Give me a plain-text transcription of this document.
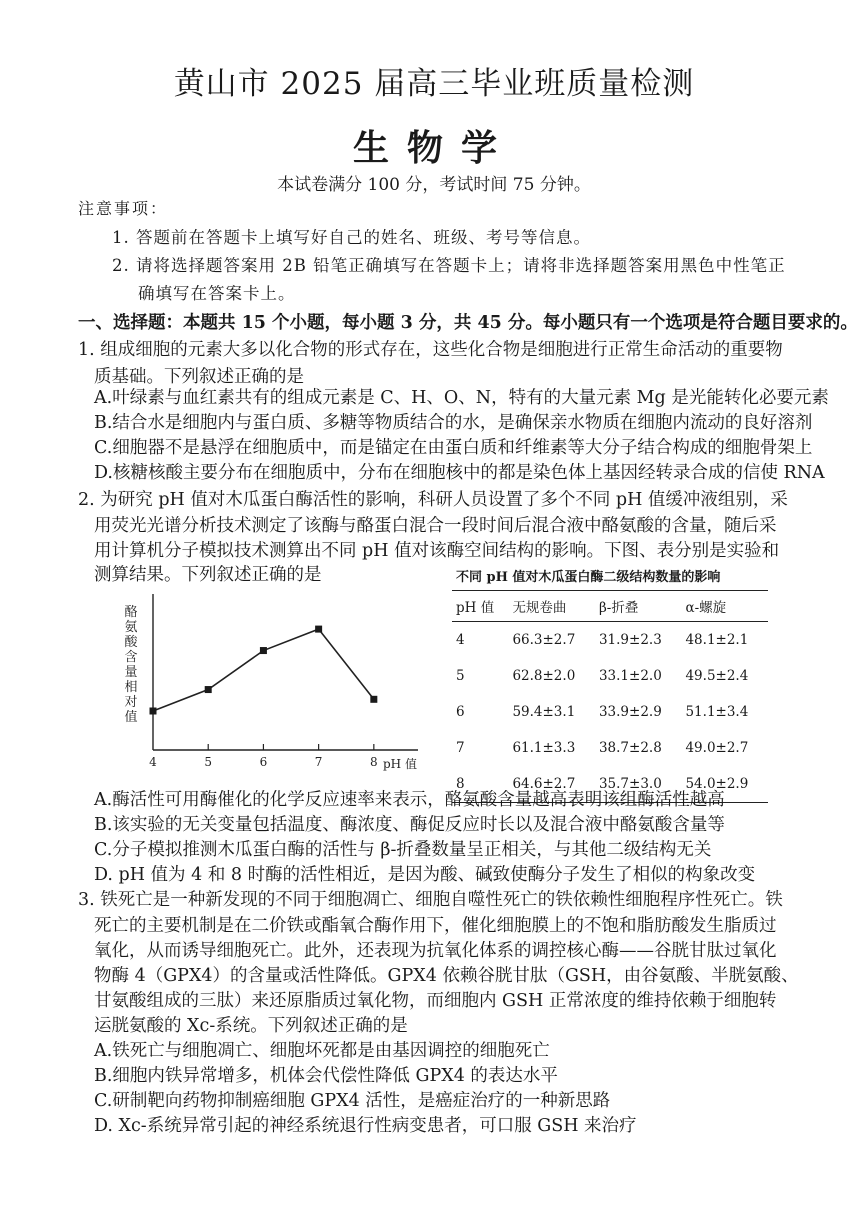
黄山市 2025 届高三毕业班质量检测
生物学
本试卷满分 100 分，考试时间 75 分钟。
注意事项：
1. 答题前在答题卡上填写好自己的姓名、班级、考号等信息。
2. 请将选择题答案用 2B 铅笔正确填写在答题卡上；请将非选择题答案用黑色中性笔正
确填写在答案卡上。
一、选择题：本题共 15 个小题，每小题 3 分，共 45 分。每小题只有一个选项是符合题目要求的。
1. 组成细胞的元素大多以化合物的形式存在，这些化合物是细胞进行正常生命活动的重要物
质基础。下列叙述正确的是
A.叶绿素与血红素共有的组成元素是 C、H、O、N，特有的大量元素 Mg 是光能转化必要元素
B.结合水是细胞内与蛋白质、多糖等物质结合的水，是确保亲水物质在细胞内流动的良好溶剂
C.细胞器不是悬浮在细胞质中，而是锚定在由蛋白质和纤维素等大分子结合构成的细胞骨架上
D.核糖核酸主要分布在细胞质中，分布在细胞核中的都是染色体上基因经转录合成的信使 RNA
2. 为研究 pH 值对木瓜蛋白酶活性的影响，科研人员设置了多个不同 pH 值缓冲液组别，采
用荧光光谱分析技术测定了该酶与酪蛋白混合一段时间后混合液中酪氨酸的含量，随后采
用计算机分子模拟技术测算出不同 pH 值对该酶空间结构的影响。下图、表分别是实验和
测算结果。下列叙述正确的是
酪
氨
酸
含
量
相
对
值
4	5	6	7	8 pH 值
不同 pH 值对木瓜蛋白酶二级结构数量的影响
pH 值	无规卷曲	β-折叠	α-螺旋
4	66.3±2.7	31.9±2.3	48.1±2.1
5	62.8±2.0	33.1±2.0	49.5±2.4
6	59.4±3.1	33.9±2.9	51.1±3.4
7	61.1±3.3	38.7±2.8	49.0±2.7
8	64.6±2.7	35.7±3.0	54.0±2.9
A.酶活性可用酶催化的化学反应速率来表示，酪氨酸含量越高表明该组酶活性越高
B.该实验的无关变量包括温度、酶浓度、酶促反应时长以及混合液中酪氨酸含量等
C.分子模拟推测木瓜蛋白酶的活性与 β-折叠数量呈正相关，与其他二级结构无关
D. pH 值为 4 和 8 时酶的活性相近，是因为酸、碱致使酶分子发生了相似的构象改变
3. 铁死亡是一种新发现的不同于细胞凋亡、细胞自噬性死亡的铁依赖性细胞程序性死亡。铁
死亡的主要机制是在二价铁或酯氧合酶作用下，催化细胞膜上的不饱和脂肪酸发生脂质过
氧化，从而诱导细胞死亡。此外，还表现为抗氧化体系的调控核心酶——谷胱甘肽过氧化
物酶 4（GPX4）的含量或活性降低。GPX4 依赖谷胱甘肽（GSH，由谷氨酸、半胱氨酸、
甘氨酸组成的三肽）来还原脂质过氧化物，而细胞内 GSH 正常浓度的维持依赖于细胞转
运胱氨酸的 Xc-系统。下列叙述正确的是
A.铁死亡与细胞凋亡、细胞坏死都是由基因调控的细胞死亡
B.细胞内铁异常增多，机体会代偿性降低 GPX4 的表达水平
C.研制靶向药物抑制癌细胞 GPX4 活性，是癌症治疗的一种新思路
D. Xc-系统异常引起的神经系统退行性病变患者，可口服 GSH 来治疗
